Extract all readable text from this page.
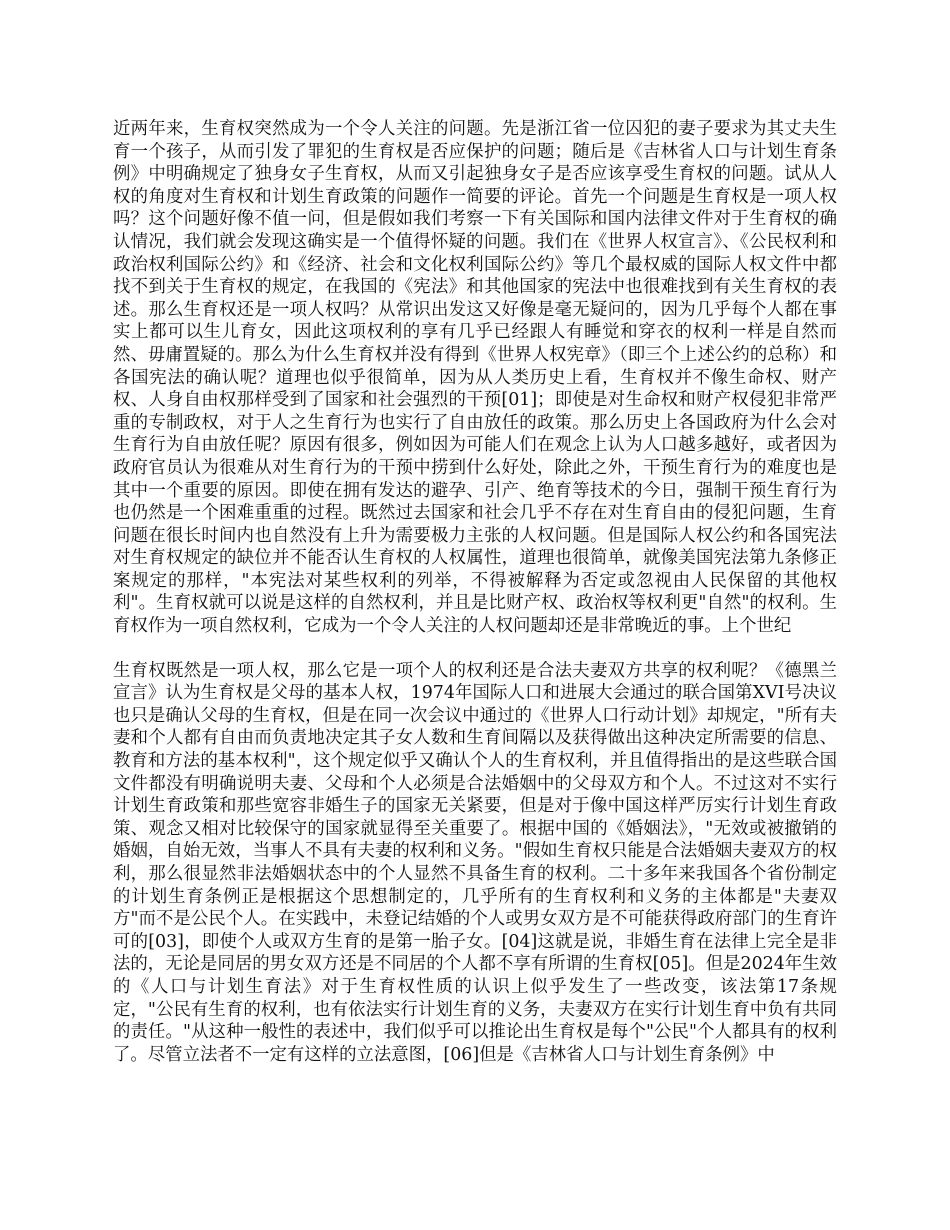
近两年来，生育权突然成为一个令人关注的问题。先是浙江省一位囚犯的妻子要求为其丈夫生育一个孩子，从而引发了罪犯的生育权是否应保护的问题；随后是《吉林省人口与计划生育条例》中明确规定了独身女子生育权，从而又引起独身女子是否应该享受生育权的问题。试从人权的角度对生育权和计划生育政策的问题作一简要的评论。首先一个问题是生育权是一项人权吗？这个问题好像不值一问，但是假如我们考察一下有关国际和国内法律文件对于生育权的确认情况，我们就会发现这确实是一个值得怀疑的问题。我们在《世界人权宣言》、《公民权利和政治权利国际公约》和《经济、社会和文化权利国际公约》等几个最权威的国际人权文件中都找不到关于生育权的规定，在我国的《宪法》和其他国家的宪法中也很难找到有关生育权的表述。那么生育权还是一项人权吗？从常识出发这又好像是毫无疑问的，因为几乎每个人都在事实上都可以生儿育女，因此这项权利的享有几乎已经跟人有睡觉和穿衣的权利一样是自然而然、毋庸置疑的。那么为什么生育权并没有得到《世界人权宪章》（即三个上述公约的总称）和各国宪法的确认呢？道理也似乎很简单，因为从人类历史上看，生育权并不像生命权、财产权、人身自由权那样受到了国家和社会强烈的干预[01]；即使是对生命权和财产权侵犯非常严重的专制政权，对于人之生育行为也实行了自由放任的政策。那么历史上各国政府为什么会对生育行为自由放任呢？原因有很多，例如因为可能人们在观念上认为人口越多越好，或者因为政府官员认为很难从对生育行为的干预中捞到什么好处，除此之外，干预生育行为的难度也是其中一个重要的原因。即使在拥有发达的避孕、引产、绝育等技术的今日，强制干预生育行为也仍然是一个困难重重的过程。既然过去国家和社会几乎不存在对生育自由的侵犯问题，生育问题在很长时间内也自然没有上升为需要极力主张的人权问题。但是国际人权公约和各国宪法对生育权规定的缺位并不能否认生育权的人权属性，道理也很简单，就像美国宪法第九条修正案规定的那样，"本宪法对某些权利的列举，不得被解释为否定或忽视由人民保留的其他权利"。生育权就可以说是这样的自然权利，并且是比财产权、政治权等权利更"自然"的权利。生育权作为一项自然权利，它成为一个令人关注的人权问题却还是非常晚近的事。上个世纪

生育权既然是一项人权，那么它是一项个人的权利还是合法夫妻双方共享的权利呢？《德黑兰宣言》认为生育权是父母的基本人权，1974年国际人口和进展大会通过的联合国第XVI号决议也只是确认父母的生育权，但是在同一次会议中通过的《世界人口行动计划》却规定，"所有夫妻和个人都有自由而负责地决定其子女人数和生育间隔以及获得做出这种决定所需要的信息、教育和方法的基本权利"，这个规定似乎又确认个人的生育权利，并且值得指出的是这些联合国文件都没有明确说明夫妻、父母和个人必须是合法婚姻中的父母双方和个人。不过这对不实行计划生育政策和那些宽容非婚生子的国家无关紧要，但是对于像中国这样严厉实行计划生育政策、观念又相对比较保守的国家就显得至关重要了。根据中国的《婚姻法》，"无效或被撤销的婚姻，自始无效，当事人不具有夫妻的权利和义务。"假如生育权只能是合法婚姻夫妻双方的权利，那么很显然非法婚姻状态中的个人显然不具备生育的权利。二十多年来我国各个省份制定的计划生育条例正是根据这个思想制定的，几乎所有的生育权利和义务的主体都是"夫妻双方"而不是公民个人。在实践中，未登记结婚的个人或男女双方是不可能获得政府部门的生育许可的[03]，即使个人或双方生育的是第一胎子女。[04]这就是说，非婚生育在法律上完全是非法的，无论是同居的男女双方还是不同居的个人都不享有所谓的生育权[05]。但是2024年生效的《人口与计划生育法》对于生育权性质的认识上似乎发生了一些改变，该法第17条规定，"公民有生育的权利，也有依法实行计划生育的义务，夫妻双方在实行计划生育中负有共同的责任。"从这种一般性的表述中，我们似乎可以推论出生育权是每个"公民"个人都具有的权利了。尽管立法者不一定有这样的立法意图，[06]但是《吉林省人口与计划生育条例》中
